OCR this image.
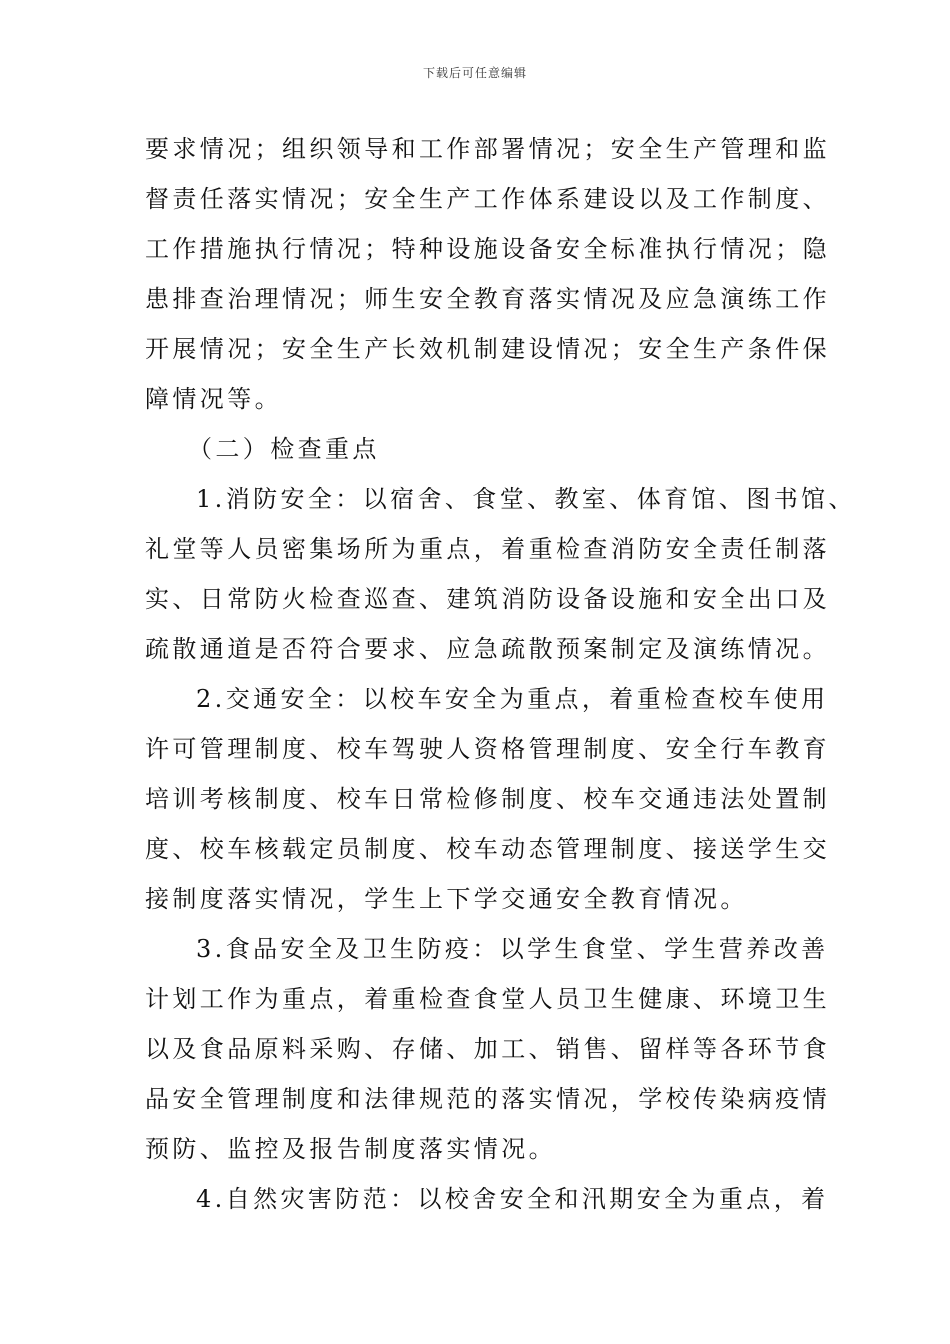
下载后可任意编辑
要求情况；组织领导和工作部署情况；安全生产管理和监
督责任落实情况；安全生产工作体系建设以及工作制度、
工作措施执行情况；特种设施设备安全标准执行情况；隐
患排查治理情况；师生安全教育落实情况及应急演练工作
开展情况；安全生产长效机制建设情况；安全生产条件保
障情况等。
（二）检查重点
1.消防安全：以宿舍、食堂、教室、体育馆、图书馆、
礼堂等人员密集场所为重点，着重检查消防安全责任制落
实、日常防火检查巡查、建筑消防设备设施和安全出口及
疏散通道是否符合要求、应急疏散预案制定及演练情况。
2.交通安全：以校车安全为重点，着重检查校车使用
许可管理制度、校车驾驶人资格管理制度、安全行车教育
培训考核制度、校车日常检修制度、校车交通违法处置制
度、校车核载定员制度、校车动态管理制度、接送学生交
接制度落实情况，学生上下学交通安全教育情况。
3.食品安全及卫生防疫：以学生食堂、学生营养改善
计划工作为重点，着重检查食堂人员卫生健康、环境卫生
以及食品原料采购、存储、加工、销售、留样等各环节食
品安全管理制度和法律规范的落实情况，学校传染病疫情
预防、监控及报告制度落实情况。
4.自然灾害防范：以校舍安全和汛期安全为重点，着
